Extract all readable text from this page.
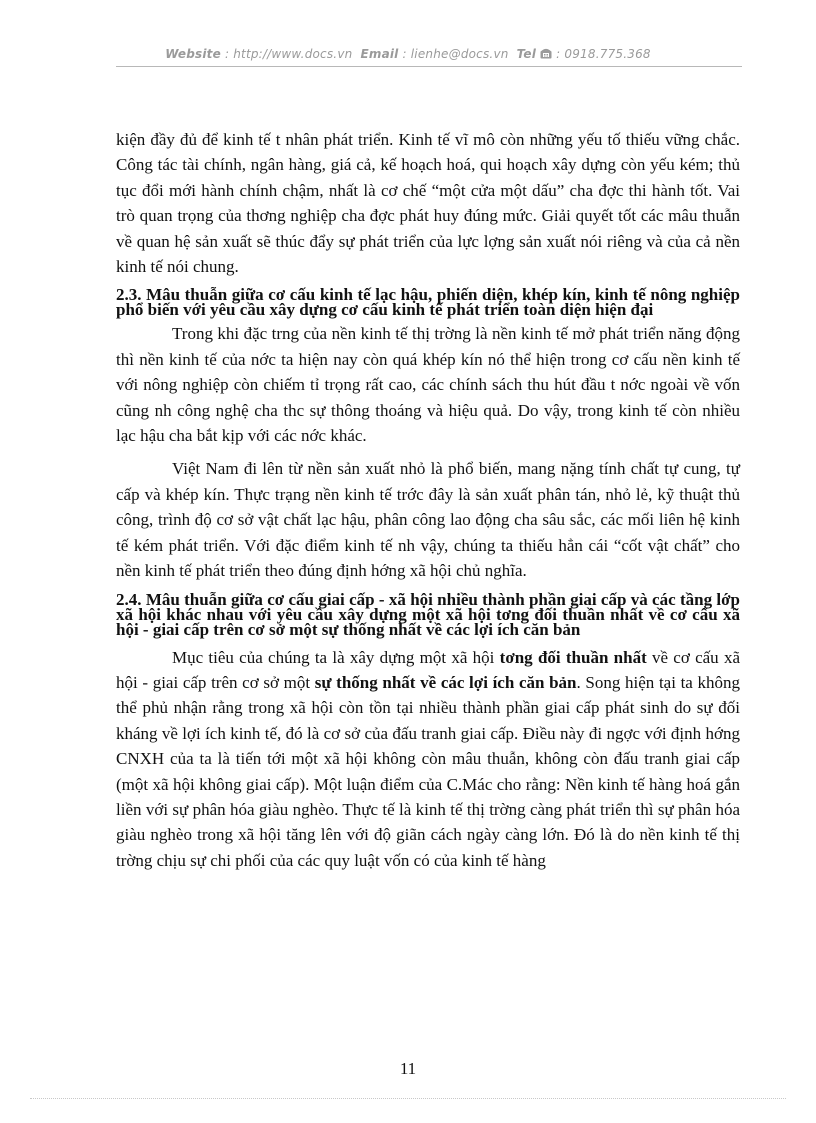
Website : http://www.docs.vn Email : lienhe@docs.vn Tel : 0918.775.368

kiện đầy đủ để kinh tế t nhân phát triển. Kinh tế vĩ mô còn những yếu tố thiếu vững chắc. Công tác tài chính, ngân hàng, giá cả, kế hoạch hoá, qui hoạch xây dựng còn yếu kém; thủ tục đổi mới hành chính chậm, nhất là cơ chế “một cửa một dấu” cha đợc thi hành tốt. Vai trò quan trọng của thơng nghiệp cha đợc phát huy đúng mức. Giải quyết tốt các mâu thuẫn về quan hệ sản xuất sẽ thúc đẩy sự phát triển của lực lợng sản xuất nói riêng và của cả nền kinh tế nói chung.

2.3. Mâu thuẫn giữa cơ cấu kinh tế lạc hậu, phiến diện, khép kín, kinh tế nông nghiệp phổ biến với yêu cầu xây dựng cơ cấu kinh tế phát triển toàn diện hiện đại

Trong khi đặc trng của nền kinh tế thị trờng là nền kinh tế mở phát triển năng động thì nền kinh tế của nớc ta hiện nay còn quá khép kín nó thể hiện trong cơ cấu nền kinh tế với nông nghiệp còn chiếm tỉ trọng rất cao, các chính sách thu hút đầu t nớc ngoài về vốn cũng nh công nghệ cha thc sự thông thoáng và hiệu quả. Do vậy, trong kinh tế còn nhiều lạc hậu cha bắt kịp với các nớc khác.

Việt Nam đi lên từ nền sản xuất nhỏ là phổ biến, mang nặng tính chất tự cung, tự cấp và khép kín. Thực trạng nền kinh tế trớc đây là sản xuất phân tán, nhỏ lẻ, kỹ thuật thủ công, trình độ cơ sở vật chất lạc hậu, phân công lao động cha sâu sắc, các mối liên hệ kinh tế kém phát triển. Với đặc điểm kinh tế nh vậy, chúng ta thiếu hẳn cái “cốt vật chất” cho nền kinh tế phát triển theo đúng định hớng xã hội chủ nghĩa.

2.4. Mâu thuẫn giữa cơ cấu giai cấp - xã hội nhiều thành phần giai cấp và các tầng lớp xã hội khác nhau với yêu cầu xây dựng một xã hội tơng đối thuần nhất về cơ cấu xã hội - giai cấp trên cơ sở một sự thống nhất về các lợi ích căn bản

Mục tiêu của chúng ta là xây dựng một xã hội tơng đối thuần nhất về cơ cấu xã hội - giai cấp trên cơ sở một sự thống nhất về các lợi ích căn bản. Song hiện tại ta không thể phủ nhận rằng trong xã hội còn tồn tại nhiều thành phần giai cấp phát sinh do sự đối kháng về lợi ích kinh tế, đó là cơ sở của đấu tranh giai cấp. Điều này đi ngợc với định hớng CNXH của ta là tiến tới một xã hội không còn mâu thuẫn, không còn đấu tranh giai cấp (một xã hội không giai cấp). Một luận điểm của C.Mác cho rằng: Nền kinh tế hàng hoá gắn liền với sự phân hóa giàu nghèo. Thực tế là kinh tế thị trờng càng phát triển thì sự phân hóa giàu nghèo trong xã hội tăng lên với độ giãn cách ngày càng lớn. Đó là do nền kinh tế thị trờng chịu sự chi phối của các quy luật vốn có của kinh tế hàng

11
